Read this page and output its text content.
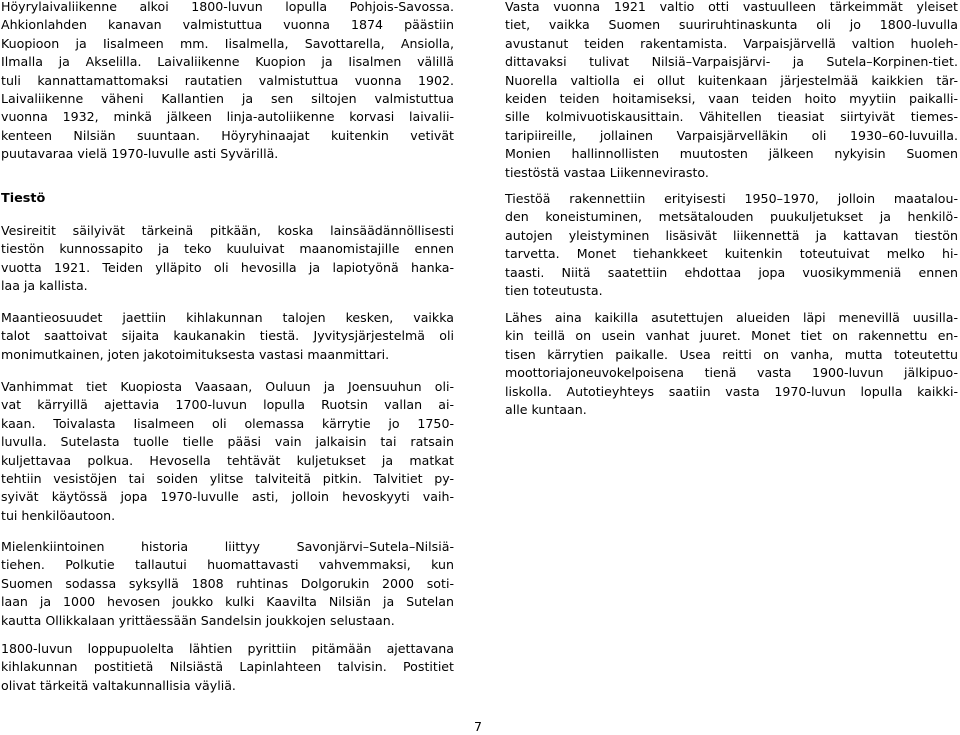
Höyrylaivaliikenne alkoi 1800-luvun lopulla Pohjois-Savossa.
Ahkionlahden kanavan valmistuttua vuonna 1874 päästiin
Kuopioon ja Iisalmeen mm. Iisalmella, Savottarella, Ansiolla,
Ilmalla ja Akselilla. Laivaliikenne Kuopion ja Iisalmen välillä
tuli kannattamattomaksi rautatien valmistuttua vuonna 1902.
Laivaliikenne väheni Kallantien ja sen siltojen valmistuttua
vuonna 1932, minkä jälkeen linja-autoliikenne korvasi laivalii-
kenteen Nilsiän suuntaan. Höyryhinaajat kuitenkin vetivät
puutavaraa vielä 1970-luvulle asti Syvärillä.

Tiestö

Vesireitit säilyivät tärkeinä pitkään, koska lainsäädännöllisesti
tiestön kunnossapito ja teko kuuluivat maanomistajille ennen
vuotta 1921. Teiden ylläpito oli hevosilla ja lapiotyönä hanka-
laa ja kallista.

Maantieosuudet jaettiin kihlakunnan talojen kesken, vaikka
talot saattoivat sijaita kaukanakin tiestä. Jyvitysjärjestelmä oli
monimutkainen, joten jakotoimituksesta vastasi maanmittari.

Vanhimmat tiet Kuopiosta Vaasaan, Ouluun ja Joensuuhun oli-
vat kärryillä ajettavia 1700-luvun lopulla Ruotsin vallan ai-
kaan. Toivalasta Iisalmeen oli olemassa kärrytie jo 1750-
luvulla. Sutelasta tuolle tielle pääsi vain jalkaisin tai ratsain
kuljettavaa polkua. Hevosella tehtävät kuljetukset ja matkat
tehtiin vesistöjen tai soiden ylitse talviteitä pitkin. Talvitiet py-
syivät käytössä jopa 1970-luvulle asti, jolloin hevoskyyti vaih-
tui henkilöautoon.

Mielenkiintoinen historia liittyy Savonjärvi–Sutela–Nilsiä-
tiehen. Polkutie tallautui huomattavasti vahvemmaksi, kun
Suomen sodassa syksyllä 1808 ruhtinas Dolgorukin 2000 soti-
laan ja 1000 hevosen joukko kulki Kaavilta Nilsiän ja Sutelan
kautta Ollikkalaan yrittäessään Sandelsin joukkojen selustaan.

1800-luvun loppupuolelta lähtien pyrittiin pitämään ajettavana
kihlakunnan postitietä Nilsiästä Lapinlahteen talvisin. Postitiet
olivat tärkeitä valtakunnallisia väyliä.

Vasta vuonna 1921 valtio otti vastuulleen tärkeimmät yleiset
tiet, vaikka Suomen suuriruhtinaskunta oli jo 1800-luvulla
avustanut teiden rakentamista. Varpaisjärvellä valtion huoleh-
dittavaksi tulivat Nilsiä–Varpaisjärvi- ja Sutela–Korpinen-tiet.
Nuorella valtiolla ei ollut kuitenkaan järjestelmää kaikkien tär-
keiden teiden hoitamiseksi, vaan teiden hoito myytiin paikalli-
sille kolmivuotiskausittain. Vähitellen tieasiat siirtyivät tiemes-
taripiireille, jollainen Varpaisjärvelläkin oli 1930–60-luvuilla.
Monien hallinnollisten muutosten jälkeen nykyisin Suomen
tiestöstä vastaa Liikennevirasto.

Tiestöä rakennettiin erityisesti 1950–1970, jolloin maatalou-
den koneistuminen, metsätalouden puukuljetukset ja henkilö-
autojen yleistyminen lisäsivät liikennettä ja kattavan tiestön
tarvetta. Monet tiehankkeet kuitenkin toteutuivat melko hi-
taasti. Niitä saatettiin ehdottaa jopa vuosikymmeniä ennen
tien toteutusta.

Lähes aina kaikilla asutettujen alueiden läpi menevillä uusilla-
kin teillä on usein vanhat juuret. Monet tiet on rakennettu en-
tisen kärrytien paikalle. Usea reitti on vanha, mutta toteutettu
moottoriajoneuvokelpoisena tienä vasta 1900-luvun jälkipuo-
liskolla. Autotieyhteys saatiin vasta 1970-luvun lopulla kaikki-
alle kuntaan.

7
